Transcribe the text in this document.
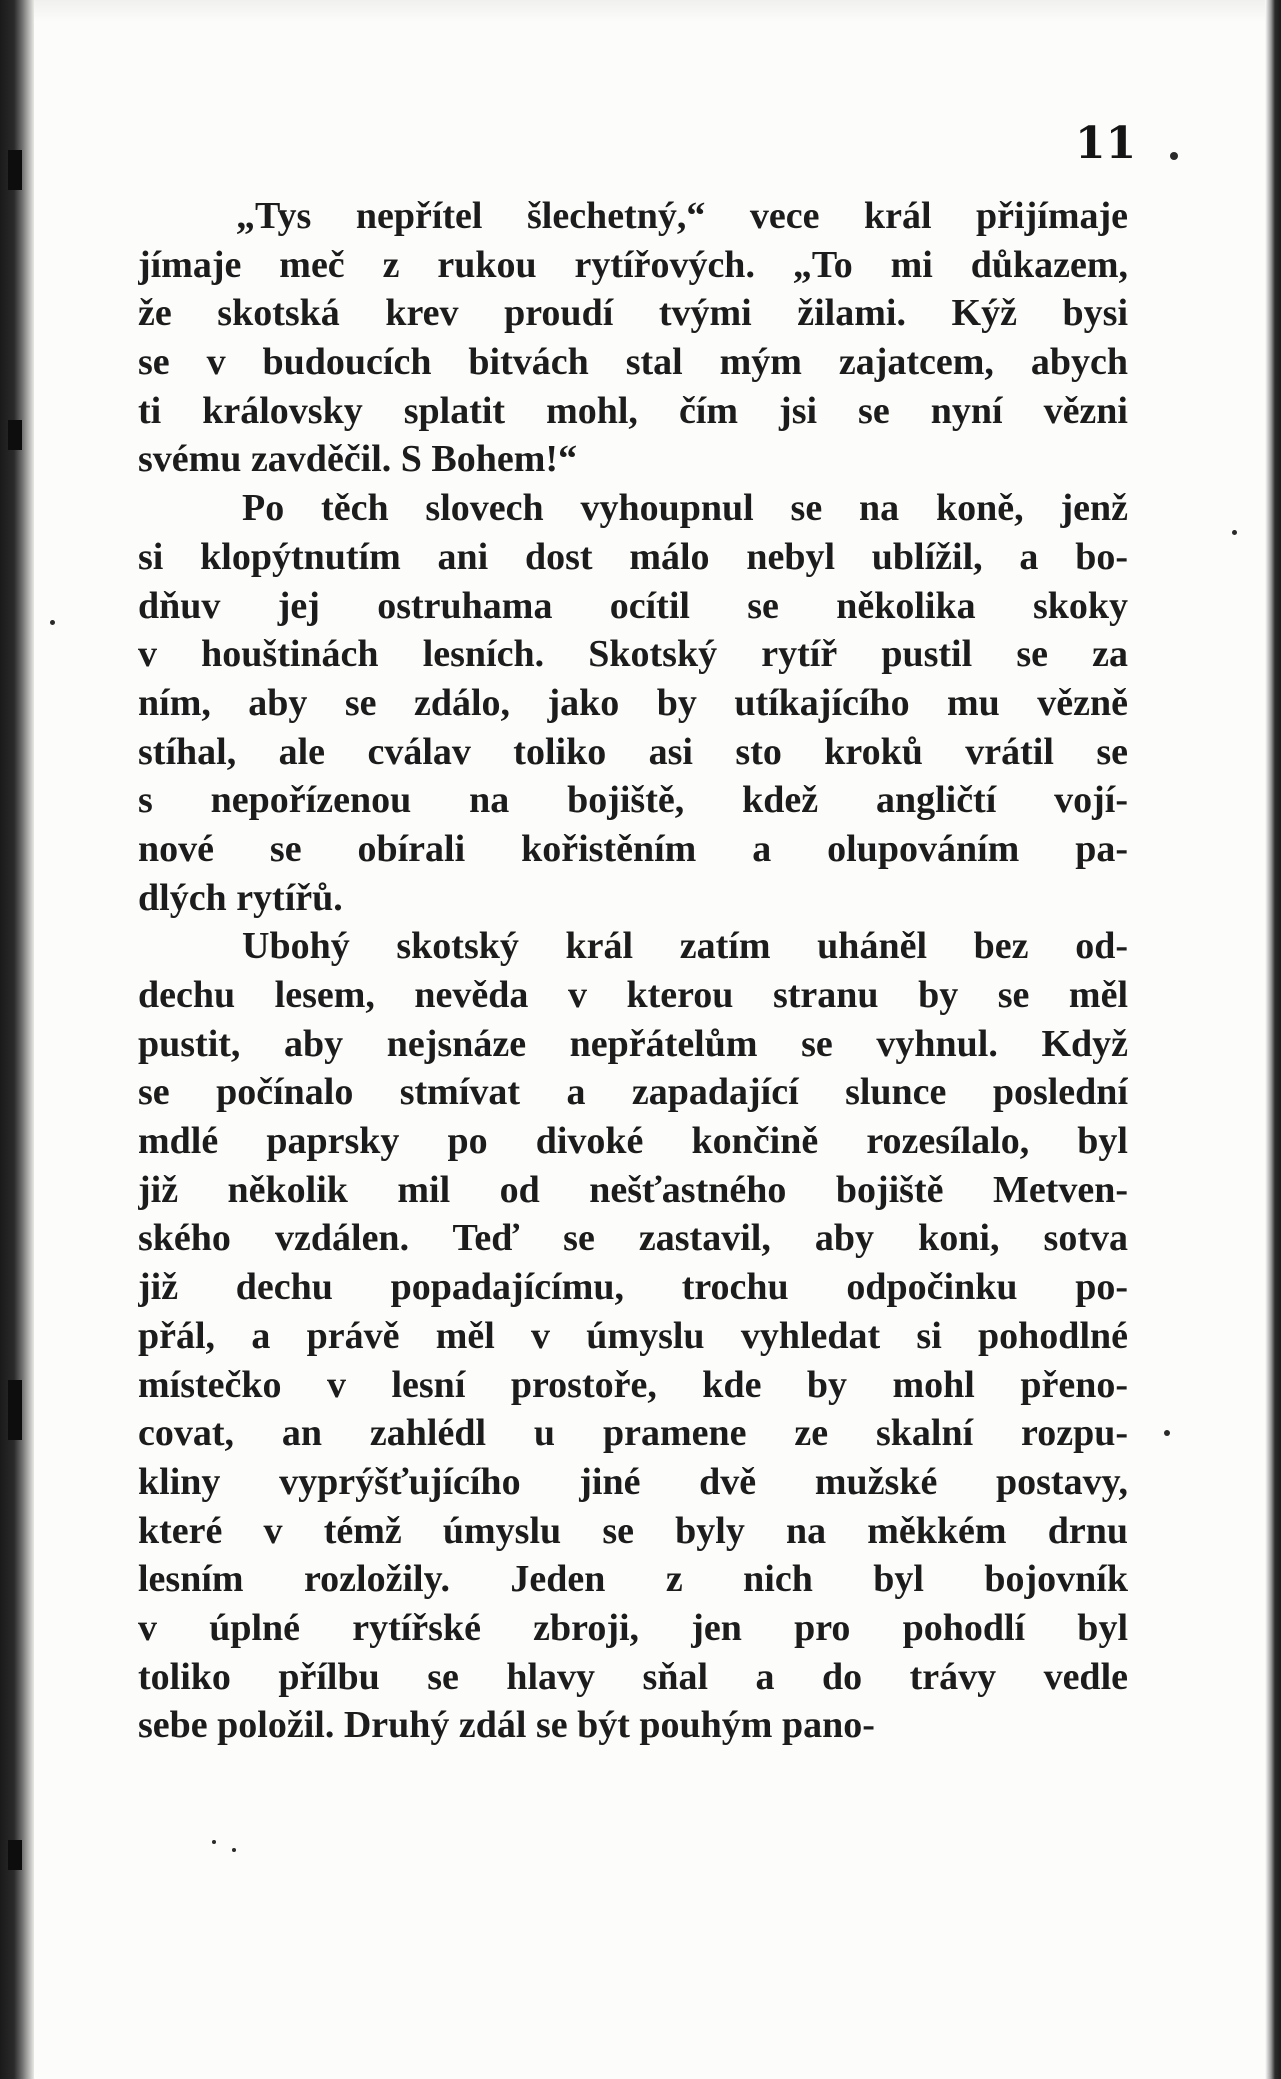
11

„Tys nepřítel šlechetný,“ vece král přijímaje
jímaje meč z rukou rytířových. „To mi důkazem,
že skotská krev proudí tvými žilami. Kýž bysi
se v budoucích bitvách stal mým zajatcem, abych
ti královsky splatit mohl, čím jsi se nyní vězni
svému zavděčil. S Bohem!“
Po těch slovech vyhoupnul se na koně, jenž
si klopýtnutím ani dost málo nebyl ublížil, a bo-
dňuv jej ostruhama ocítil se několika skoky
v houštinách lesních. Skotský rytíř pustil se za
ním, aby se zdálo, jako by utíkajícího mu vězně
stíhal, ale cválav toliko asi sto kroků vrátil se
s nepořízenou na bojiště, kdež angličtí vojí-
nové se obírali kořistěním a olupováním pa-
dlých rytířů.
Ubohý skotský král zatím uháněl bez od-
dechu lesem, nevěda v kterou stranu by se měl
pustit, aby nejsnáze nepřátelům se vyhnul. Když
se počínalo stmívat a zapadající slunce poslední
mdlé paprsky po divoké končině rozesílalo, byl
již několik mil od nešťastného bojiště Metven-
ského vzdálen. Teď se zastavil, aby koni, sotva
již dechu popadajícímu, trochu odpočinku po-
přál, a právě měl v úmyslu vyhledat si pohodlné
místečko v lesní prostoře, kde by mohl přeno-
covat, an zahlédl u pramene ze skalní rozpu-
kliny vyprýšťujícího jiné dvě mužské postavy,
které v témž úmyslu se byly na měkkém drnu
lesním rozložily. Jeden z nich byl bojovník
v úplné rytířské zbroji, jen pro pohodlí byl
toliko přílbu se hlavy sňal a do trávy vedle
sebe položil. Druhý zdál se být pouhým pano-
